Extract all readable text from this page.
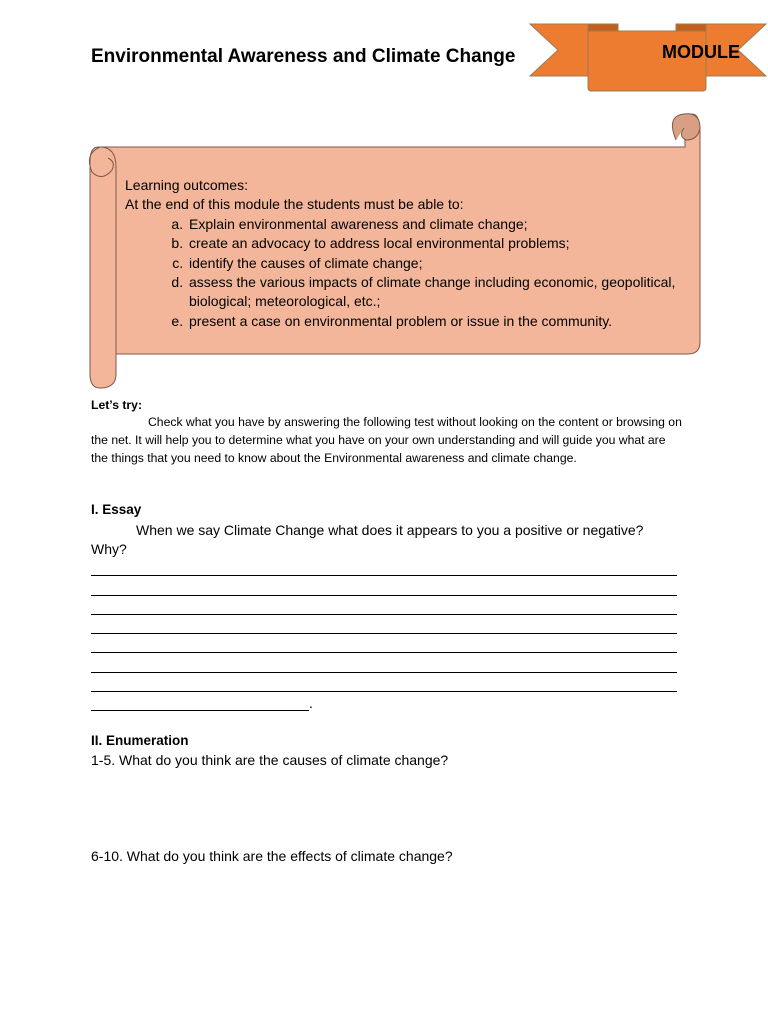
Environmental Awareness and Climate Change	MODULE
Learning outcomes:
At the end of this module the students must be able to:
a. Explain environmental awareness and climate change;
b. create an advocacy to address local environmental problems;
c. identify the causes of climate change;
d. assess the various impacts of climate change including economic, geopolitical, biological; meteorological, etc.;
e. present a case on environmental problem or issue in the community.
Let’s try:
Check what you have by answering the following test without looking on the content or browsing on the net. It will help you to determine what you have on your own understanding and will guide you what are the things that you need to know about the Environmental awareness and climate change.
I. Essay
When we say Climate Change what does it appears to you a positive or negative? Why?
.
II. Enumeration
1-5. What do you think are the causes of climate change?
6-10. What do you think are the effects of climate change?
